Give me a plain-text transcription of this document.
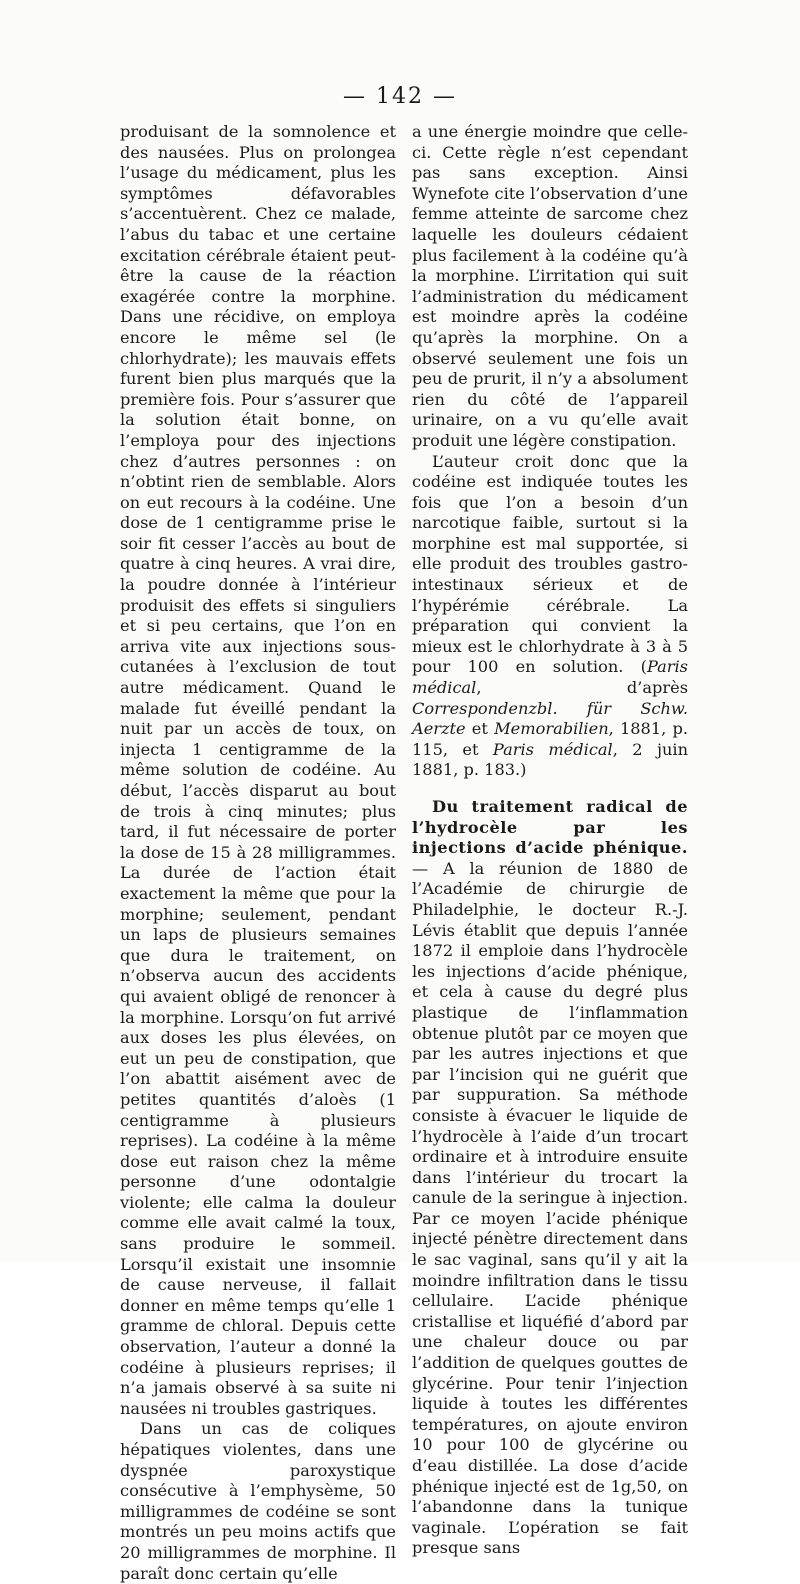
— 142 —

produisant de la somnolence et des nausées. Plus on prolongea l’usage du médicament, plus les symptômes défavorables s’accentuèrent. Chez ce malade, l’abus du tabac et une certaine excitation cérébrale étaient peut-être la cause de la réaction exagérée contre la morphine. Dans une récidive, on employa encore le même sel (le chlorhydrate); les mauvais effets furent bien plus marqués que la première fois. Pour s’assurer que la solution était bonne, on l’employa pour des injections chez d’autres personnes : on n’obtint rien de semblable. Alors on eut recours à la codéine. Une dose de 1 centigramme prise le soir fit cesser l’accès au bout de quatre à cinq heures. A vrai dire, la poudre donnée à l’intérieur produisit des effets si singuliers et si peu certains, que l’on en arriva vite aux injections sous-cutanées à l’exclusion de tout autre médicament. Quand le malade fut éveillé pendant la nuit par un accès de toux, on injecta 1 centigramme de la même solution de codéine. Au début, l’accès disparut au bout de trois à cinq minutes; plus tard, il fut nécessaire de porter la dose de 15 à 28 milligrammes. La durée de l’action était exactement la même que pour la morphine; seulement, pendant un laps de plusieurs semaines que dura le traitement, on n’observa aucun des accidents qui avaient obligé de renoncer à la morphine. Lorsqu’on fut arrivé aux doses les plus élevées, on eut un peu de constipation, que l’on abattit aisément avec de petites quantités d’aloès (1 centigramme à plusieurs reprises). La codéine à la même dose eut raison chez la même personne d’une odontalgie violente; elle calma la douleur comme elle avait calmé la toux, sans produire le sommeil. Lorsqu’il existait une insomnie de cause nerveuse, il fallait donner en même temps qu’elle 1 gramme de chloral. Depuis cette observation, l’auteur a donné la codéine à plusieurs reprises; il n’a jamais observé à sa suite ni nausées ni troubles gastriques.

Dans un cas de coliques hépatiques violentes, dans une dyspnée paroxystique consécutive à l’emphysème, 50 milligrammes de codéine se sont montrés un peu moins actifs que 20 milligrammes de morphine. Il paraît donc certain qu’elle

a une énergie moindre que celle-ci. Cette règle n’est cependant pas sans exception. Ainsi Wynefote cite l’observation d’une femme atteinte de sarcome chez laquelle les douleurs cédaient plus facilement à la codéine qu’à la morphine. L’irritation qui suit l’administration du médicament est moindre après la codéine qu’après la morphine. On a observé seulement une fois un peu de prurit, il n’y a absolument rien du côté de l’appareil urinaire, on a vu qu’elle avait produit une légère constipation.

L’auteur croit donc que la codéine est indiquée toutes les fois que l’on a besoin d’un narcotique faible, surtout si la morphine est mal supportée, si elle produit des troubles gastro-intestinaux sérieux et de l’hypérémie cérébrale. La préparation qui convient la mieux est le chlorhydrate à 3 à 5 pour 100 en solution. (Paris médical, d’après Correspondenzbl. für Schw. Aerzte et Memorabilien, 1881, p. 115, et Paris médical, 2 juin 1881, p. 183.)

Du traitement radical de l’hydrocèle par les injections d’acide phénique. — A la réunion de 1880 de l’Académie de chirurgie de Philadelphie, le docteur R.-J. Lévis établit que depuis l’année 1872 il emploie dans l’hydrocèle les injections d’acide phénique, et cela à cause du degré plus plastique de l’inflammation obtenue plutôt par ce moyen que par les autres injections et que par l’incision qui ne guérit que par suppuration. Sa méthode consiste à évacuer le liquide de l’hydrocèle à l’aide d’un trocart ordinaire et à introduire ensuite dans l’intérieur du trocart la canule de la seringue à injection. Par ce moyen l’acide phénique injecté pénètre directement dans le sac vaginal, sans qu’il y ait la moindre infiltration dans le tissu cellulaire. L’acide phénique cristallise et liquéfié d’abord par une chaleur douce ou par l’addition de quelques gouttes de glycérine. Pour tenir l’injection liquide à toutes les différentes températures, on ajoute environ 10 pour 100 de glycérine ou d’eau distillée. La dose d’acide phénique injecté est de 1g,50, on l’abandonne dans la tunique vaginale. L’opération se fait presque sans
